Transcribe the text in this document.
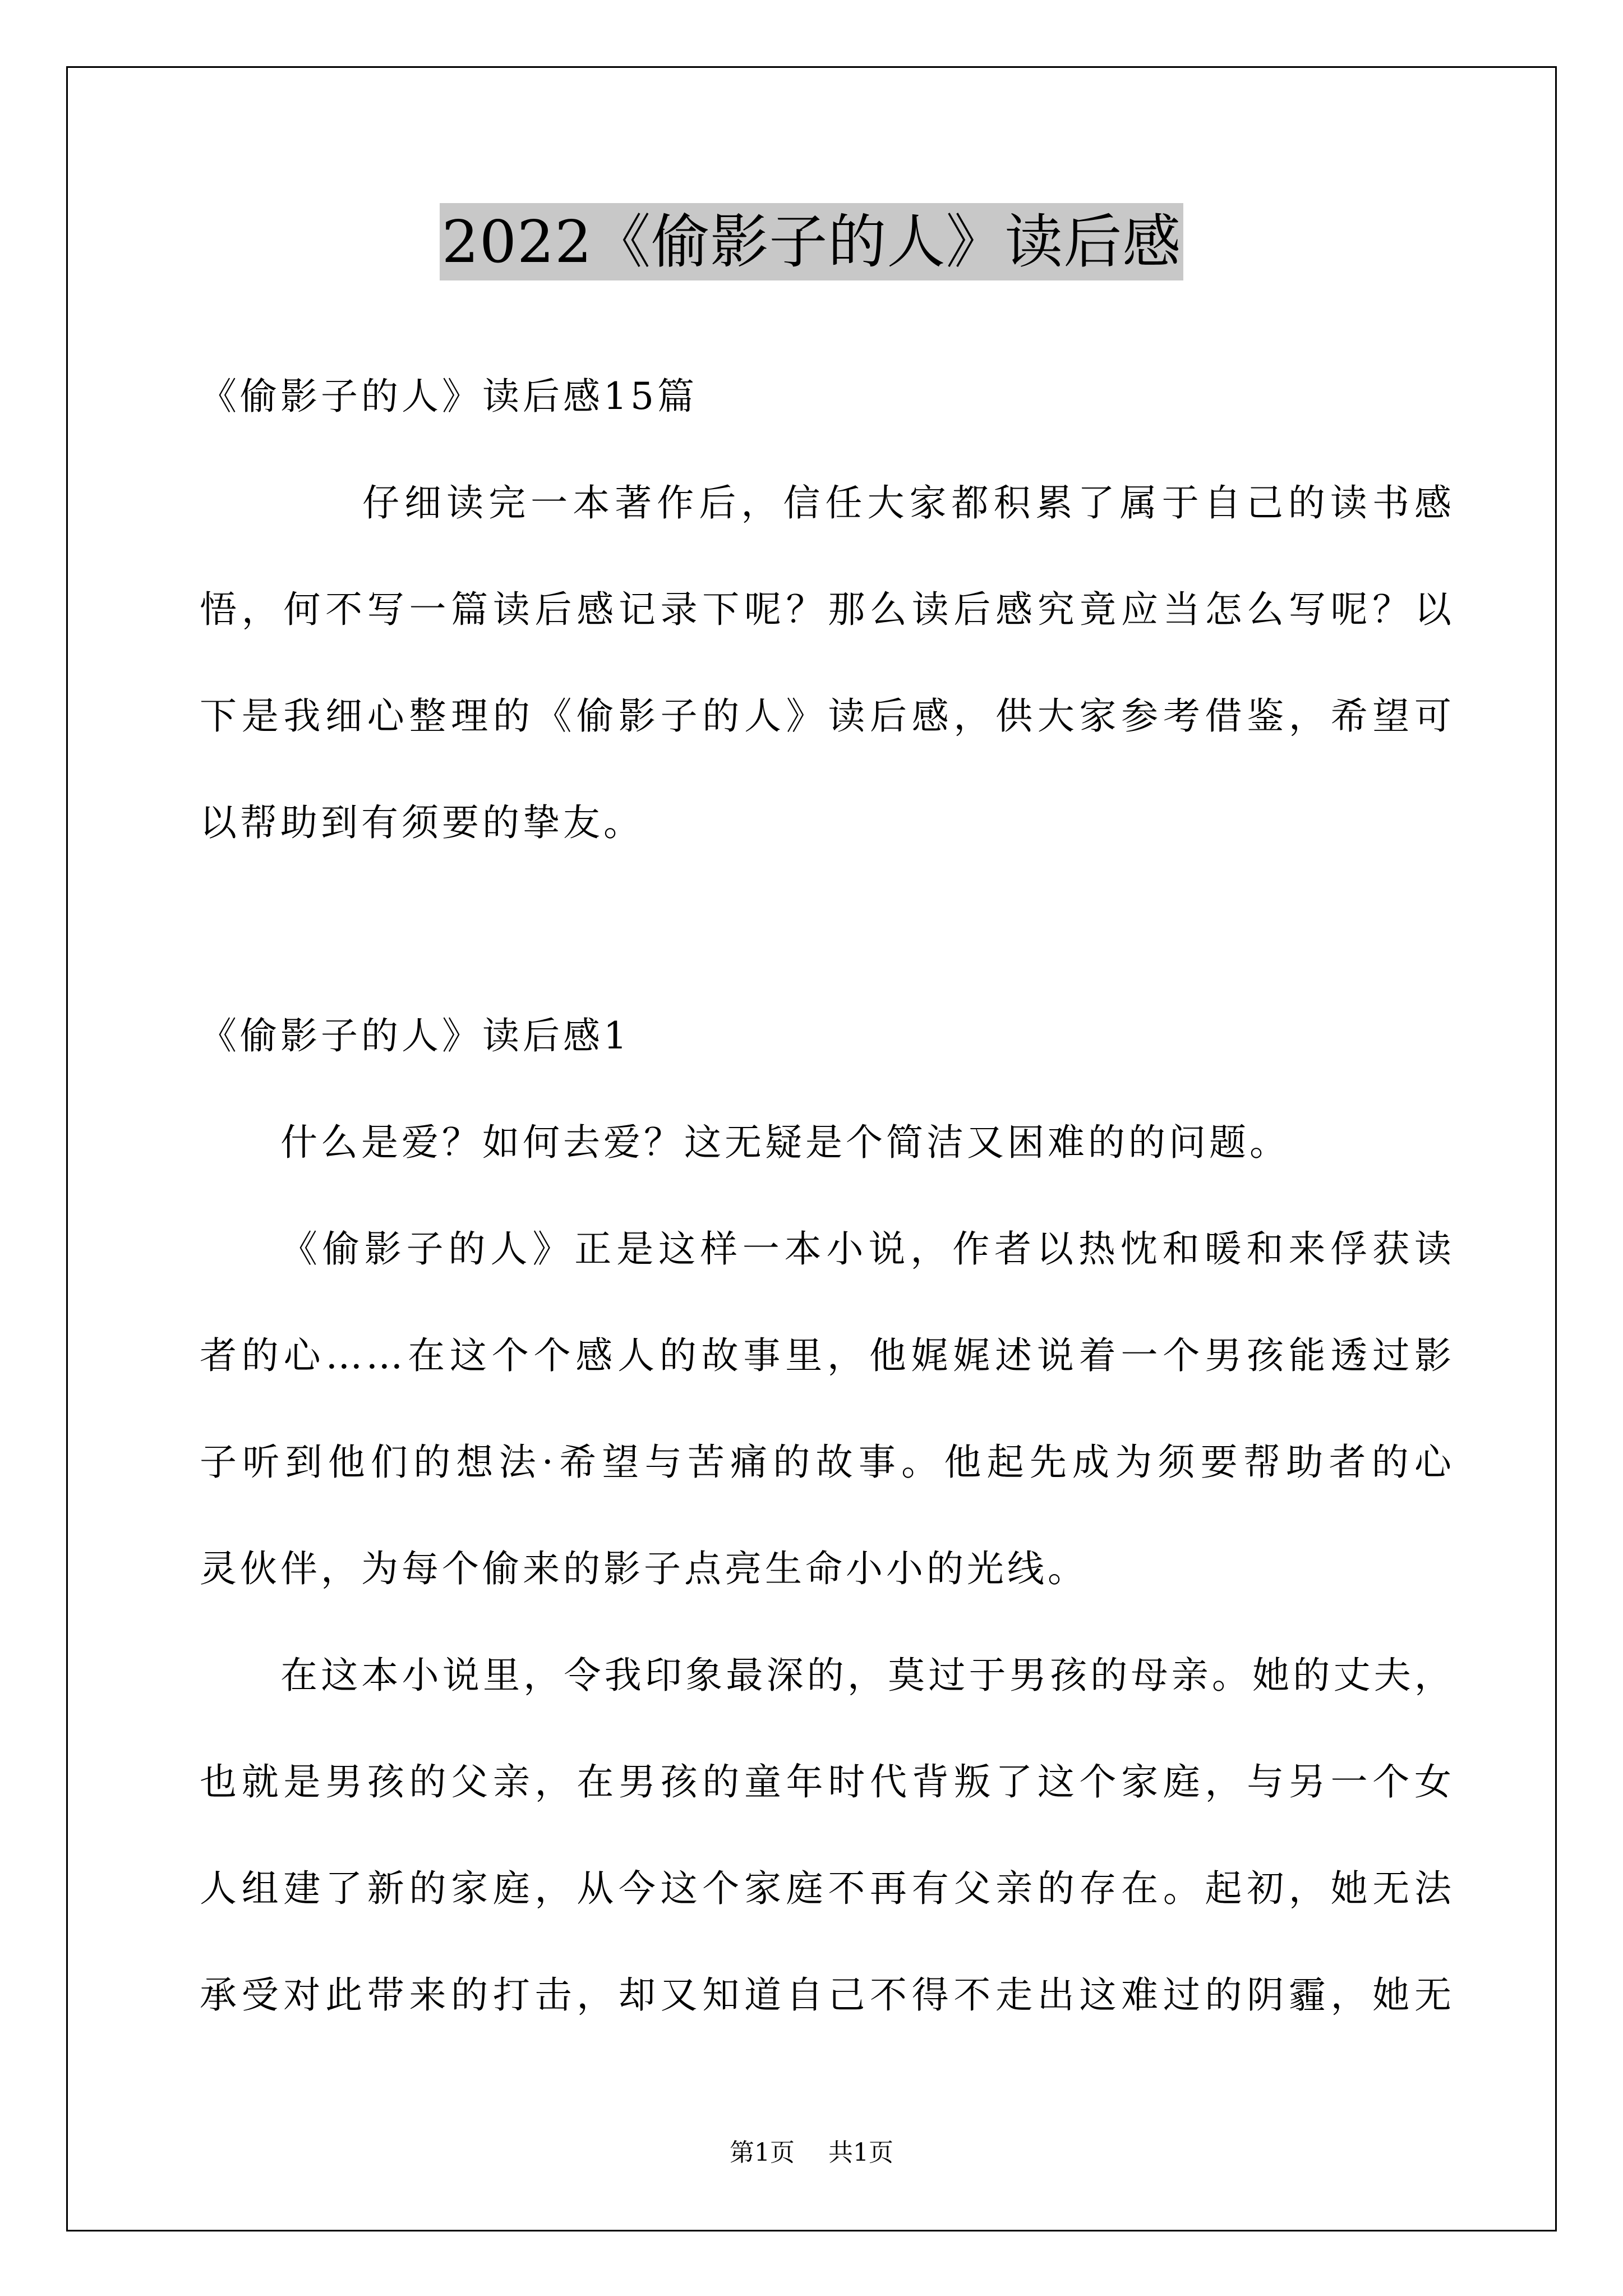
2022《偷影子的人》读后感
《偷影子的人》读后感15篇
仔细读完一本著作后，信任大家都积累了属于自己的读书感
悟，何不写一篇读后感记录下呢？那么读后感究竟应当怎么写呢？以
下是我细心整理的《偷影子的人》读后感，供大家参考借鉴，希望可
以帮助到有须要的挚友。
《偷影子的人》读后感1
什么是爱？如何去爱？这无疑是个简洁又困难的的问题。
《偷影子的人》正是这样一本小说，作者以热忱和暖和来俘获读
者的心……在这个个感人的故事里，他娓娓述说着一个男孩能透过影
子听到他们的想法·希望与苦痛的故事。他起先成为须要帮助者的心
灵伙伴，为每个偷来的影子点亮生命小小的光线。
在这本小说里，令我印象最深的，莫过于男孩的母亲。她的丈夫，
也就是男孩的父亲，在男孩的童年时代背叛了这个家庭，与另一个女
人组建了新的家庭，从今这个家庭不再有父亲的存在。起初，她无法
承受对此带来的打击，却又知道自己不得不走出这难过的阴霾，她无
第1页 共1页
